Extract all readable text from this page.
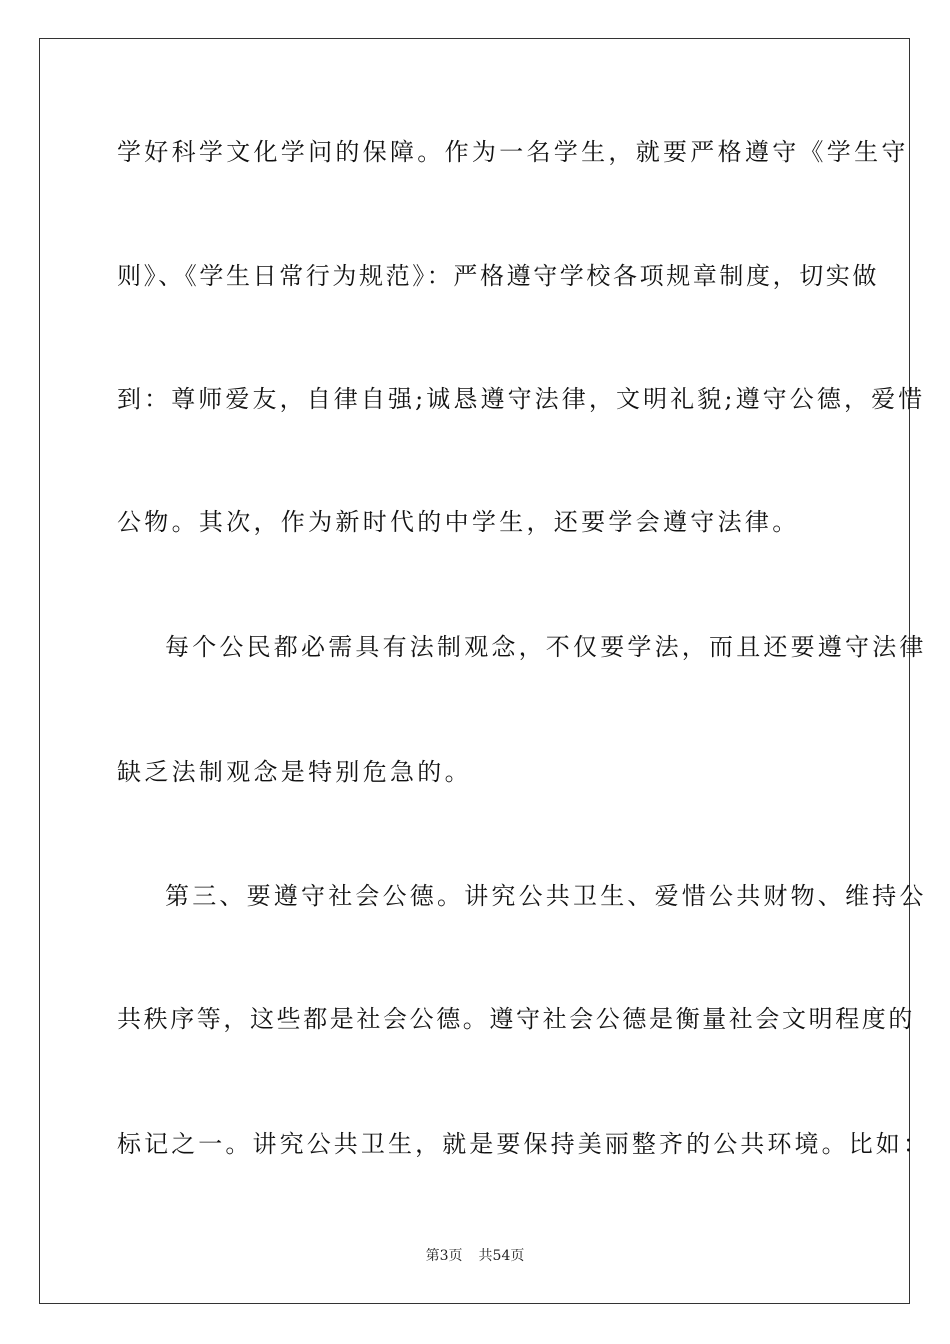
学好科学文化学问的保障。作为一名学生，就要严格遵守《学生守
则》、《学生日常行为规范》：严格遵守学校各项规章制度，切实做
到：尊师爱友，自律自强;诚恳遵守法律，文明礼貌;遵守公德，爱惜
公物。其次，作为新时代的中学生，还要学会遵守法律。
每个公民都必需具有法制观念，不仅要学法，而且还要遵守法律
缺乏法制观念是特别危急的。
第三、要遵守社会公德。讲究公共卫生、爱惜公共财物、维持公
共秩序等，这些都是社会公德。遵守社会公德是衡量社会文明程度的
标记之一。讲究公共卫生，就是要保持美丽整齐的公共环境。比如：
第3页 共54页
